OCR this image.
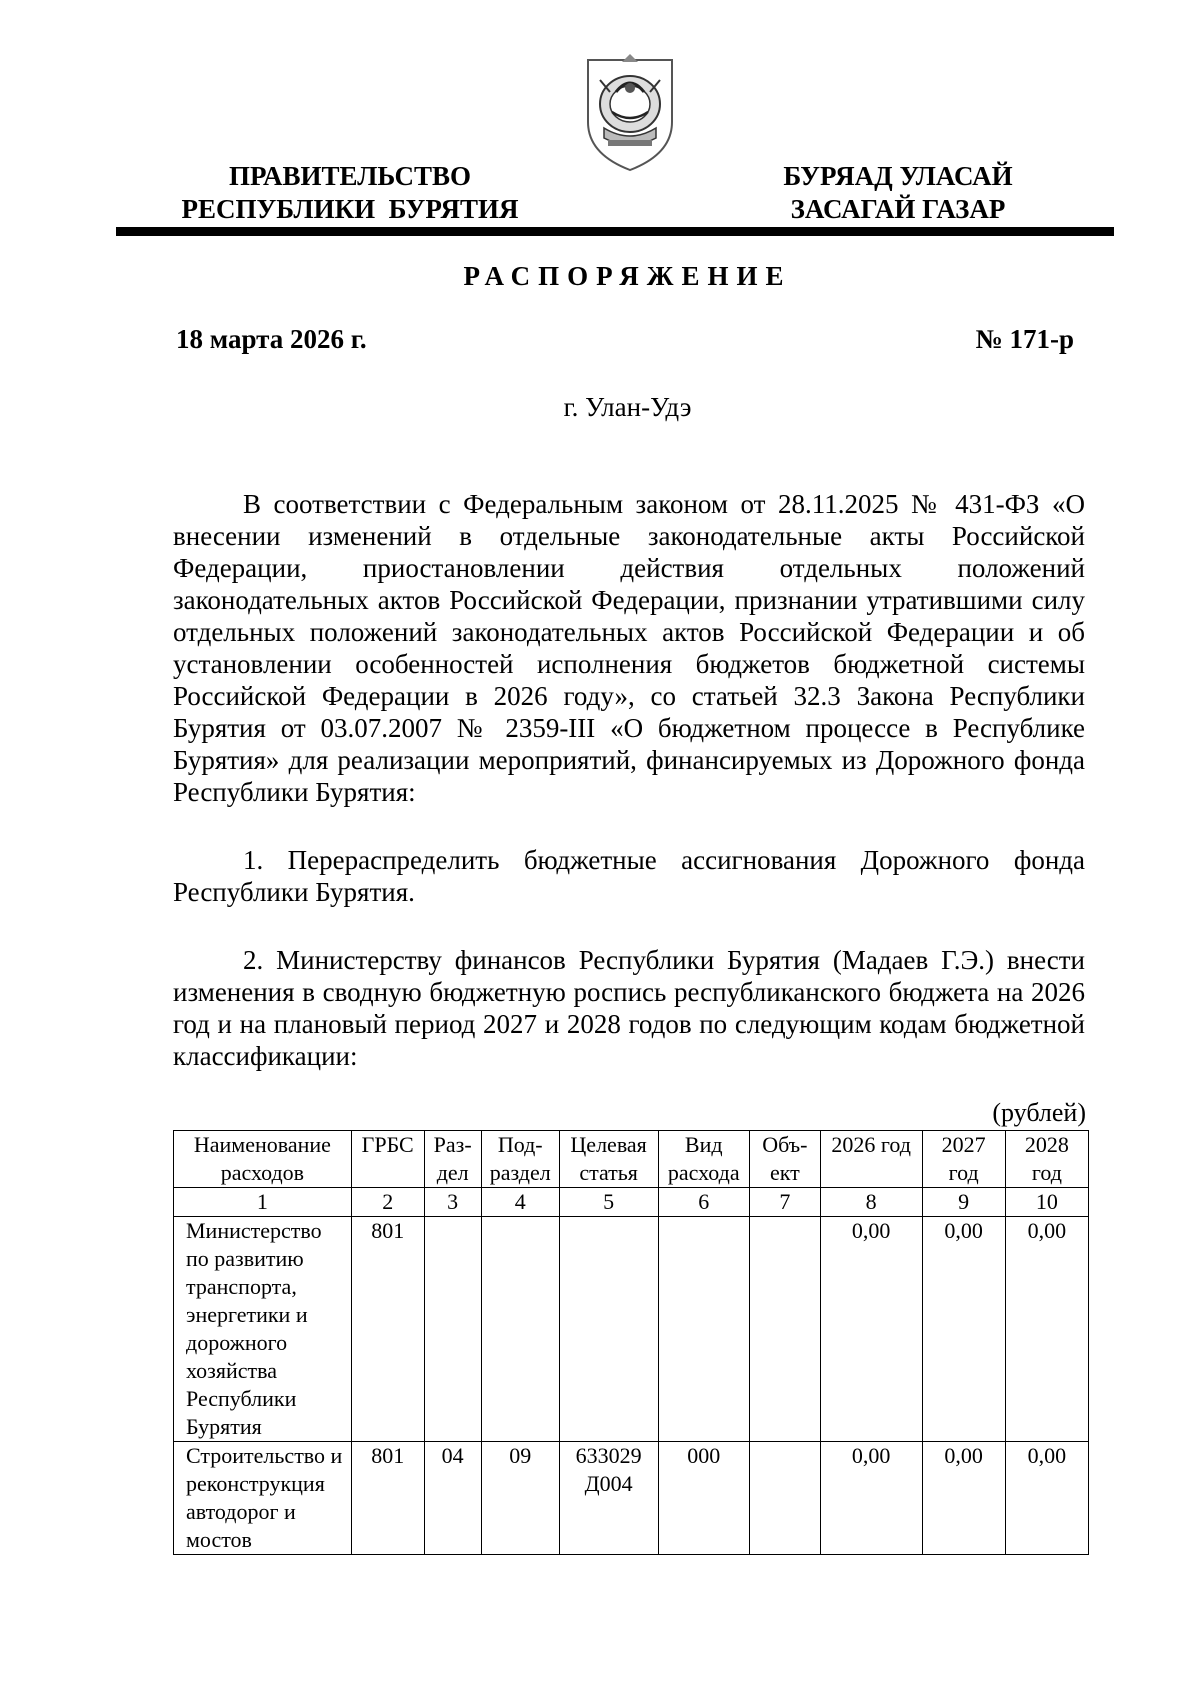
ПРАВИТЕЛЬСТВО
РЕСПУБЛИКИ  БУРЯТИЯ
БУРЯАД УЛАСАЙ
ЗАСАГАЙ ГАЗАР
РАСПОРЯЖЕНИЕ
18 марта 2026 г.	№ 171-р
г. Улан-Удэ

В соответствии с Федеральным законом от 28.11.2025 № 431-ФЗ «О внесении изменений в отдельные законодательные акты Российской Федерации, приостановлении действия отдельных положений законодательных актов Российской Федерации, признании утратившими силу отдельных положений законодательных актов Российской Федерации и об установлении особенностей исполнения бюджетов бюджетной системы Российской Федерации в 2026 году», со статьей 32.3 Закона Республики Бурятия от 03.07.2007 № 2359-III «О бюджетном процессе в Республике Бурятия» для реализации мероприятий, финансируемых из Дорожного фонда Республики Бурятия:

1. Перераспределить бюджетные ассигнования Дорожного фонда Республики Бурятия.

2. Министерству финансов Республики Бурятия (Мадаев Г.Э.) внести изменения в сводную бюджетную роспись республиканского бюджета на 2026 год и на плановый период 2027 и 2028 годов по следующим кодам бюджетной классификации:

(рублей)
Наименование расходов	ГРБС	Раз-дел	Под-раздел	Целевая статья	Вид расхода	Объ-ект	2026 год	2027 год	2028 год
1	2	3	4	5	6	7	8	9	10
Министерство по развитию транспорта, энергетики и дорожного хозяйства Республики Бурятия	801						0,00	0,00	0,00
Строительство и реконструкция автодорог и мостов	801	04	09	633029 Д004	000		0,00	0,00	0,00
